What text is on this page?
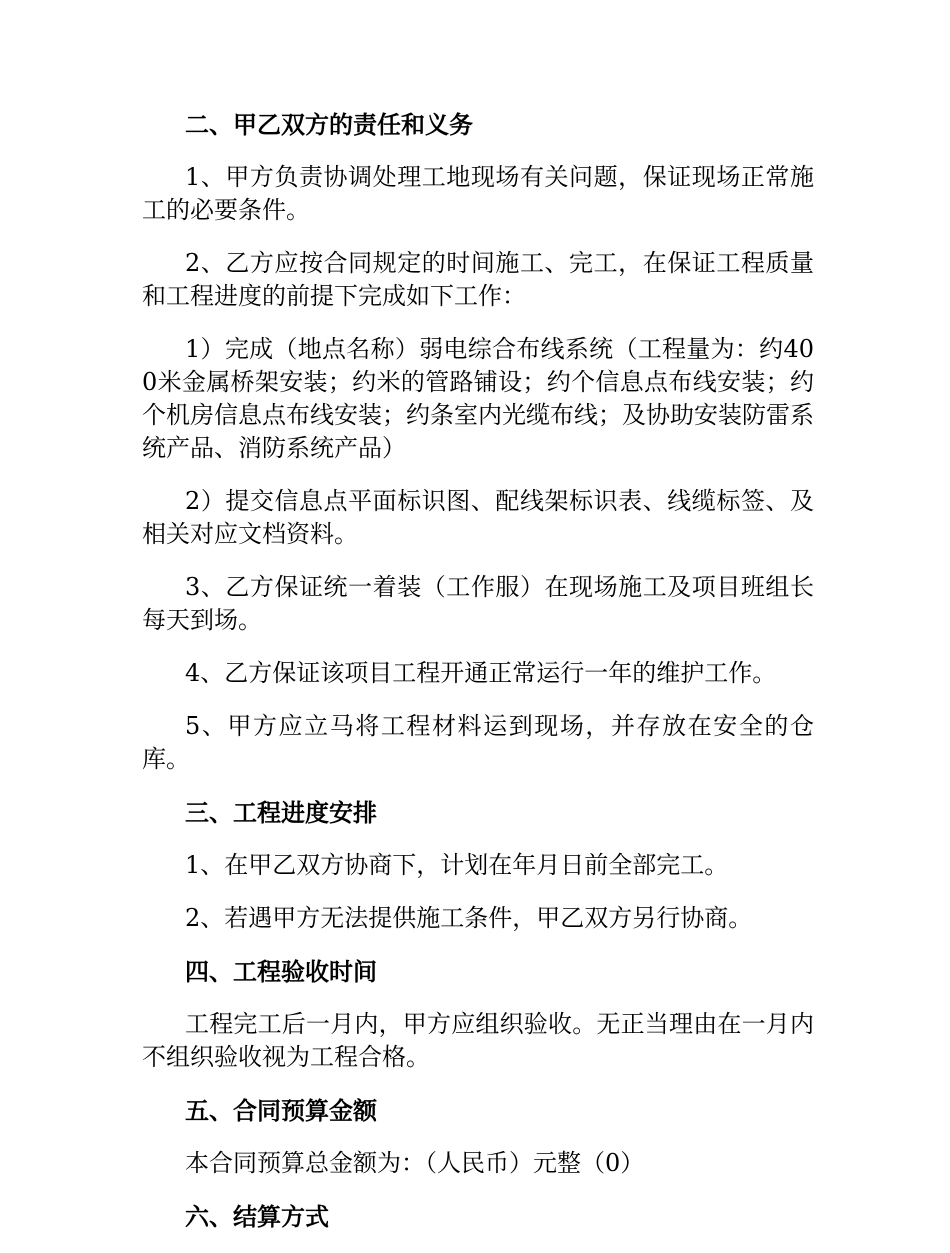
二、甲乙双方的责任和义务

1、甲方负责协调处理工地现场有关问题，保证现场正常施工的必要条件。

2、乙方应按合同规定的时间施工、完工，在保证工程质量和工程进度的前提下完成如下工作：

1）完成（地点名称）弱电综合布线系统（工程量为：约400米金属桥架安装；约米的管路铺设；约个信息点布线安装；约个机房信息点布线安装；约条室内光缆布线；及协助安装防雷系统产品、消防系统产品）

2）提交信息点平面标识图、配线架标识表、线缆标签、及相关对应文档资料。

3、乙方保证统一着装（工作服）在现场施工及项目班组长每天到场。

4、乙方保证该项目工程开通正常运行一年的维护工作。

5、甲方应立马将工程材料运到现场，并存放在安全的仓库。

三、工程进度安排

1、在甲乙双方协商下，计划在年月日前全部完工。

2、若遇甲方无法提供施工条件，甲乙双方另行协商。

四、工程验收时间

工程完工后一月内，甲方应组织验收。无正当理由在一月内不组织验收视为工程合格。

五、合同预算金额

本合同预算总金额为：（人民币）元整（0）

六、结算方式
